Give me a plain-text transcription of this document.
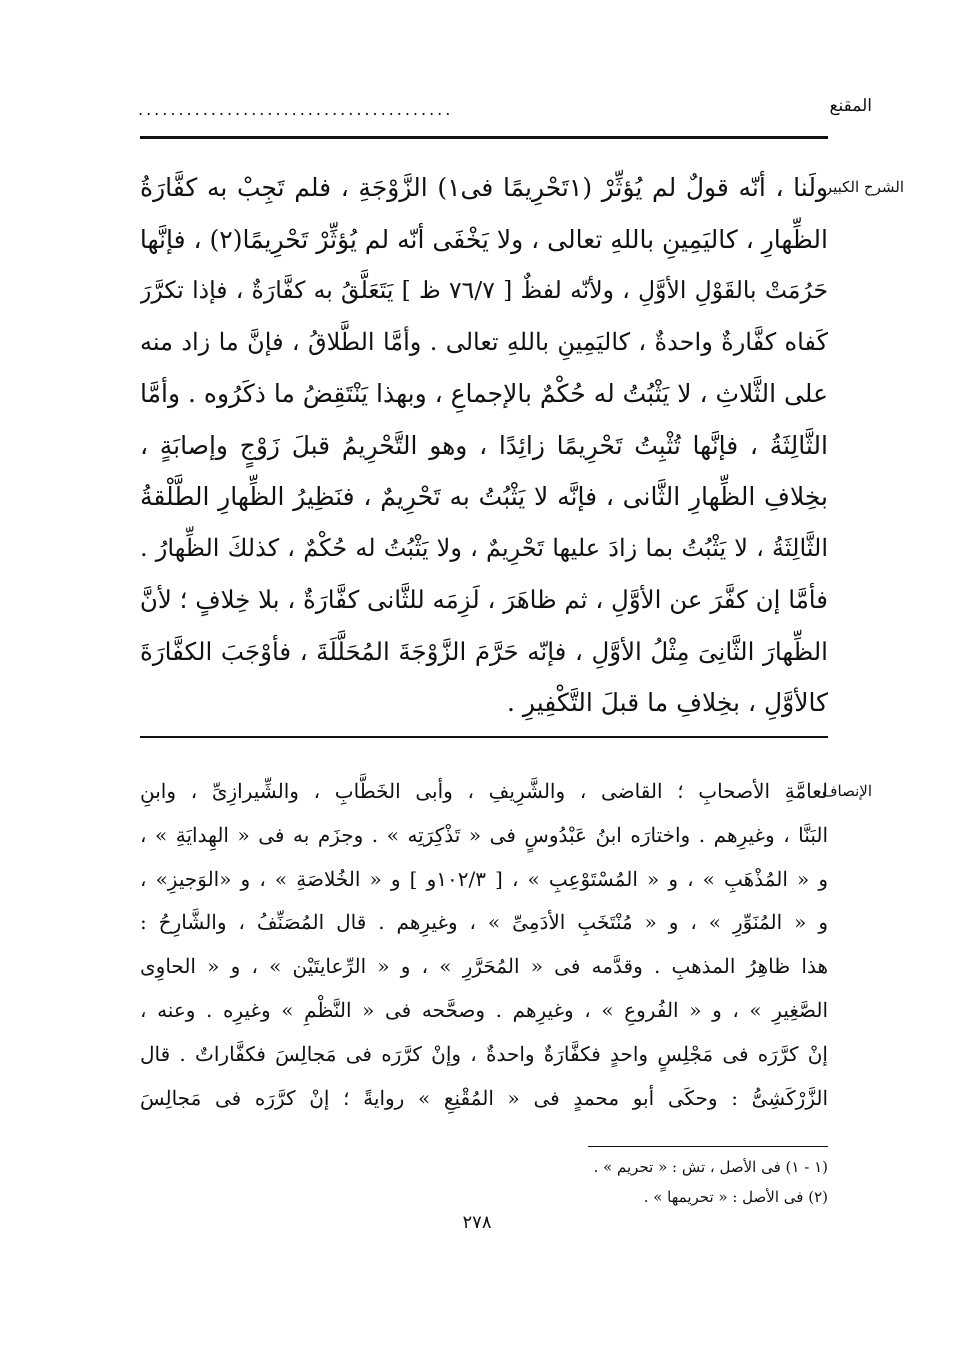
المقنع
.......................................
الشرح الكبير
ولَنا ، أنّه قولٌ لم يُؤثِّرْ (١تَحْرِيمًا فى١) الزَّوْجَةِ ، فلم تَجِبْ به كفَّارَةُ
الظِّهارِ ، كاليَمِينِ باللهِ تعالى ، ولا يَخْفَى أنّه لم يُؤثِّرْ تَحْرِيمًا(٢) ، فإنَّها
حَرُمَتْ بالقَوْلِ الأوَّلِ ، ولأنّه لفظٌ [ ٧٦/٧ ظ ] يَتَعَلَّقُ به كفَّارَةٌ ، فإذا تكرَّرَ
كَفاه كفَّارةٌ واحدةٌ ، كاليَمِينِ باللهِ تعالى . وأمَّا الطَّلاقُ ، فإنَّ ما زاد منه
على الثَّلاثِ ، لا يَثْبُتُ له حُكْمٌ بالإجماعِ ، وبهذا يَنْتَقِضُ ما ذكَرُوه . وأمَّا
الثَّالِثَةُ ، فإنَّها تُثْبِتُ تَحْرِيمًا زائِدًا ، وهو التَّحْرِيمُ قبلَ زَوْجٍ وإصابَةٍ ،
بخِلافِ الظِّهارِ الثَّانى ، فإنَّه لا يَثْبُتُ به تَحْرِيمٌ ، فنَظِيرُ الظِّهارِ الطَّلْقةُ
الثَّالِثَةُ ، لا يَثْبُتُ بما زادَ عليها تَحْرِيمٌ ، ولا يَثْبُتُ له حُكْمٌ ، كذلكَ الظِّهارُ .
فأمَّا إن كفَّرَ عن الأوَّلِ ، ثم ظاهَرَ ، لَزِمَه للثَّانى كفَّارَةٌ ، بلا خِلافٍ ؛ لأنَّ
الظِّهارَ الثَّانِىَ مِثْلُ الأوَّلِ ، فإنّه حَرَّمَ الزَّوْجَةَ المُحَلَّلَةَ ، فأوْجَبَ الكفَّارَةَ
كالأوَّلِ ، بخِلافِ ما قبلَ التَّكْفِيرِ .
الإنصاف
لعامَّةِ الأصحابِ ؛ القاضى ، والشَّرِيفِ ، وأبى الخَطَّابِ ، والشِّيرازِىِّ ، وابنِ
البَنَّا ، وغيرِهم . واختارَه ابنُ عَبْدُوسٍ فى « تَذْكِرَتِه » . وجزَم به فى « الهِدايَةِ » ،
و « المُذْهَبِ » ، و « المُسْتَوْعِبِ » ، [ ١٠٢/٣و ] و « الخُلاصَةِ » ، و «الوَجيزِ» ،
و « المُنَوِّرِ » ، و « مُنْتَخَبِ الأدَمِىِّ » ، وغيرِهم . قال المُصَنِّفُ ، والشَّارِحُ :
هذا ظاهِرُ المذهبِ . وقدَّمه فى « المُحَرَّرِ » ، و « الرِّعايتَيْن » ، و « الحاوِى
الصَّغِيرِ » ، و « الفُروعِ » ، وغيرِهم . وصحَّحه فى « النَّظْمِ » وغيرِه . وعنه ،
إنْ كرَّرَه فى مَجْلِسٍ واحدٍ فكفَّارَةٌ واحدةٌ ، وإنْ كرَّرَه فى مَجالِسَ فكفَّاراتٌ . قال
الزَّرْكَشِىُّ : وحكَى أبو محمدٍ فى « المُقْنِعِ » روايةً ؛ إنْ كرَّرَه فى مَجالِسَ
(١ - ١) فى الأصل ، تش : « تحريم » .
(٢) فى الأصل : « تحريمها » .
٢٧٨
